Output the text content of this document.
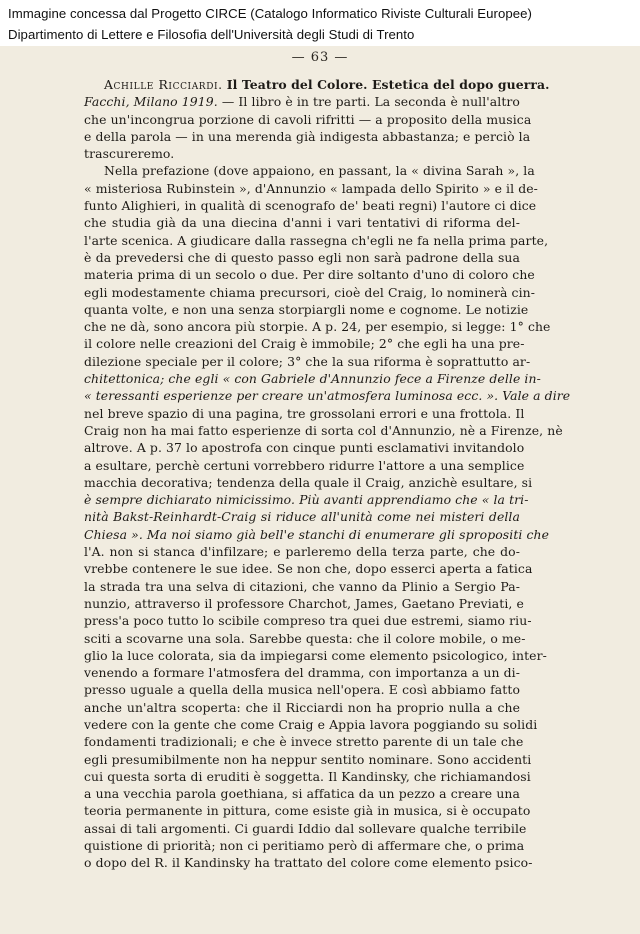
Immagine concessa dal Progetto CIRCE (Catalogo Informatico Riviste Culturali Europee)
Dipartimento di Lettere e Filosofia dell'Università degli Studi di Trento
— 63 —
Achille Ricciardi. Il Teatro del Colore. Estetica del dopo guerra.
Facchi, Milano 1919. — Il libro è in tre parti. La seconda è null'altro
che un'incongrua porzione di cavoli rifritti — a proposito della musica
e della parola — in una merenda già indigesta abbastanza; e perciò la
trascureremo.
Nella prefazione (dove appaiono, en passant, la « divina Sarah », la
« misteriosa Rubinstein », d'Annunzio « lampada dello Spirito » e il de-
funto Alighieri, in qualità di scenografo de' beati regni) l'autore ci dice
che studia già da una diecina d'anni i vari tentativi di riforma del-
l'arte scenica. A giudicare dalla rassegna ch'egli ne fa nella prima parte,
è da prevedersi che di questo passo egli non sarà padrone della sua
materia prima di un secolo o due. Per dire soltanto d'uno di coloro che
egli modestamente chiama precursori, cioè del Craig, lo nominerà cin-
quanta volte, e non una senza storpiargli nome e cognome. Le notizie
che ne dà, sono ancora più storpie. A p. 24, per esempio, si legge: 1° che
il colore nelle creazioni del Craig è immobile; 2° che egli ha una pre-
dilezione speciale per il colore; 3° che la sua riforma è soprattutto ar-
chitettonica; che egli « con Gabriele d'Annunzio fece a Firenze delle in-
« teressanti esperienze per creare un'atmosfera luminosa ecc. ». Vale a dire
nel breve spazio di una pagina, tre grossolani errori e una frottola. Il
Craig non ha mai fatto esperienze di sorta col d'Annunzio, nè a Firenze, nè
altrove. A p. 37 lo apostrofa con cinque punti esclamativi invitandolo
a esultare, perchè certuni vorrebbero ridurre l'attore a una semplice
macchia decorativa; tendenza della quale il Craig, anzichè esultare, si
è sempre dichiarato nimicissimo. Più avanti apprendiamo che « la tri-
nità Bakst-Reinhardt-Craig si riduce all'unità come nei misteri della
Chiesa ». Ma noi siamo già bell'e stanchi di enumerare gli spropositi che
l'A. non si stanca d'infilzare; e parleremo della terza parte, che do-
vrebbe contenere le sue idee. Se non che, dopo esserci aperta a fatica
la strada tra una selva di citazioni, che vanno da Plinio a Sergio Pa-
nunzio, attraverso il professore Charchot, James, Gaetano Previati, e
press'a poco tutto lo scibile compreso tra quei due estremi, siamo riu-
sciti a scovarne una sola. Sarebbe questa: che il colore mobile, o me-
glio la luce colorata, sia da impiegarsi come elemento psicologico, inter-
venendo a formare l'atmosfera del dramma, con importanza a un di-
presso uguale a quella della musica nell'opera. E così abbiamo fatto
anche un'altra scoperta: che il Ricciardi non ha proprio nulla a che
vedere con la gente che come Craig e Appia lavora poggiando su solidi
fondamenti tradizionali; e che è invece stretto parente di un tale che
egli presumibilmente non ha neppur sentito nominare. Sono accidenti
cui questa sorta di eruditi è soggetta. Il Kandinsky, che richiamandosi
a una vecchia parola goethiana, si affatica da un pezzo a creare una
teoria permanente in pittura, come esiste già in musica, si è occupato
assai di tali argomenti. Ci guardi Iddio dal sollevare qualche terribile
quistione di priorità; non ci peritiamo però di affermare che, o prima
o dopo del R. il Kandinsky ha trattato del colore come elemento psico-
